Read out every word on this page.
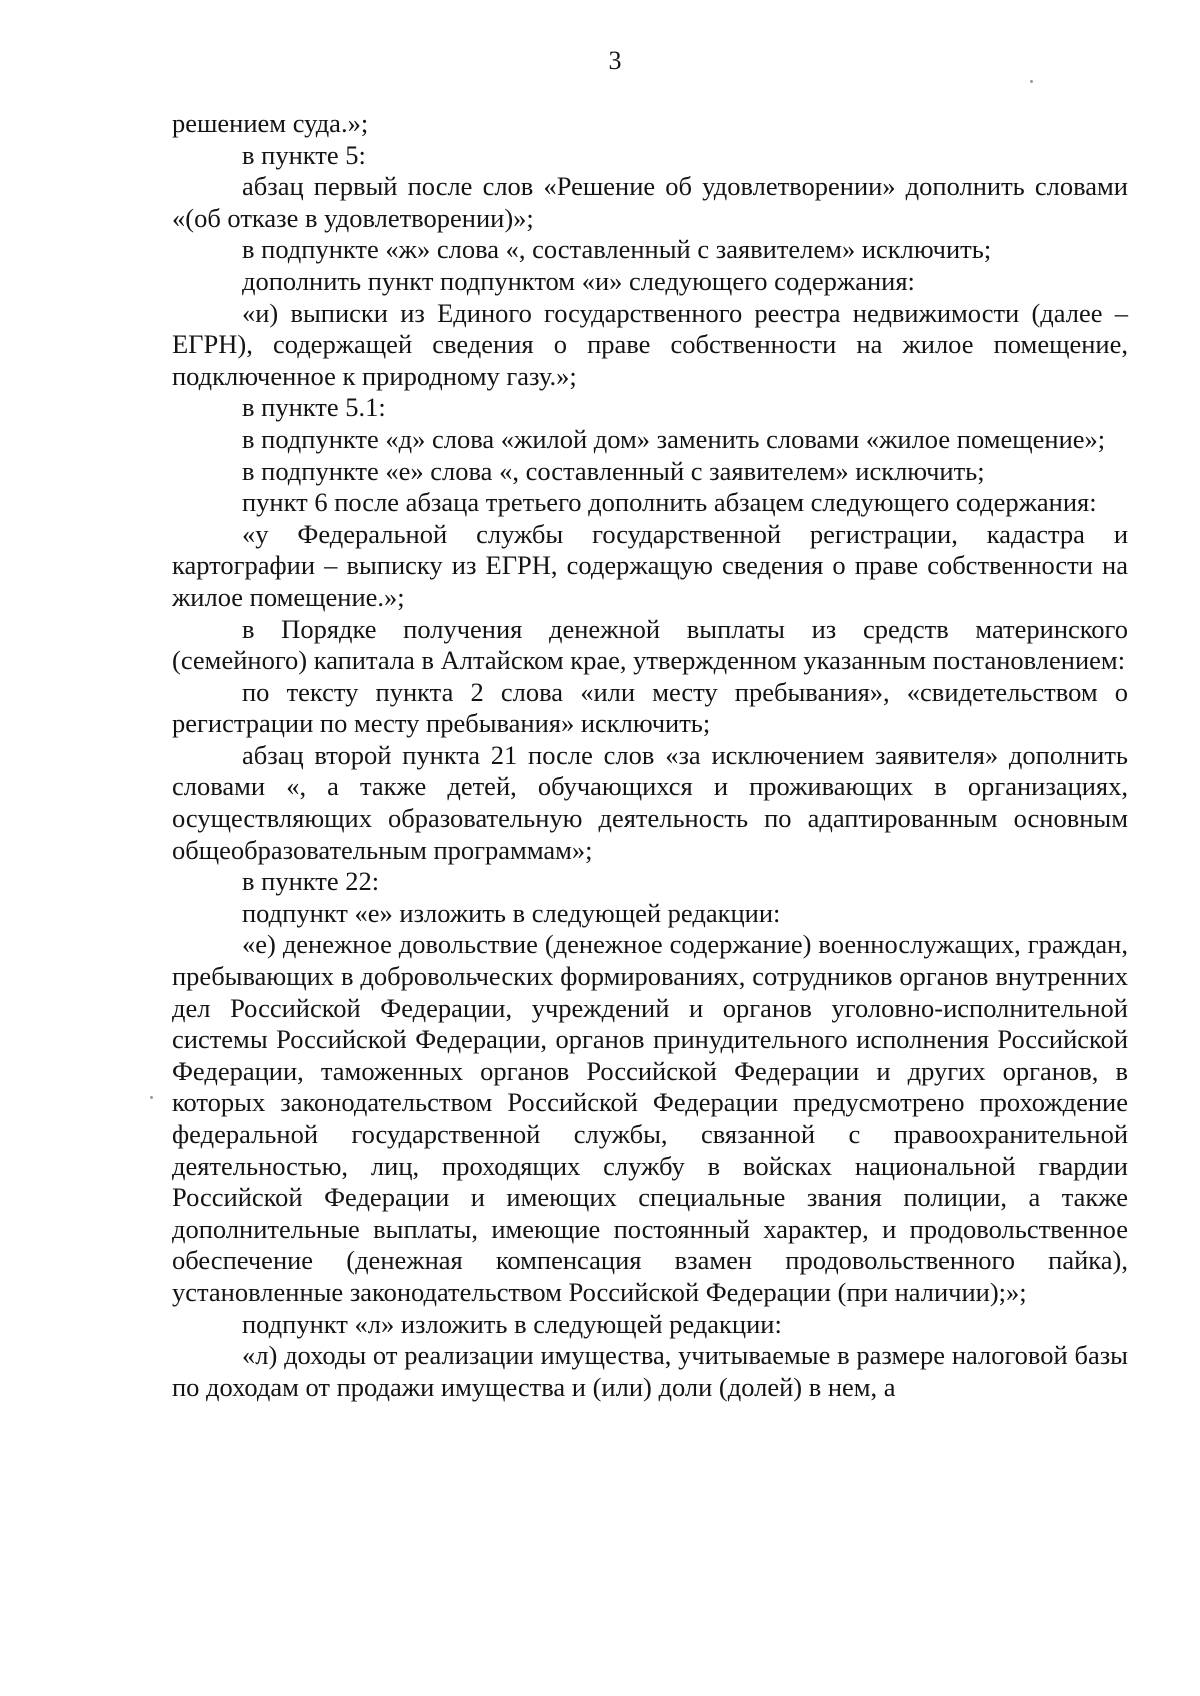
3

решением суда.»;

в пункте 5:

абзац первый после слов «Решение об удовлетворении» дополнить словами «(об отказе в удовлетворении)»;

в подпункте «ж» слова «, составленный с заявителем» исключить;

дополнить пункт подпунктом «и» следующего содержания:

«и) выписки из Единого государственного реестра недвижимости (далее – ЕГРН), содержащей сведения о праве собственности на жилое помещение, подключенное к природному газу.»;

в пункте 5.1:

в подпункте «д» слова «жилой дом» заменить словами «жилое помещение»;

в подпункте «е» слова «, составленный с заявителем» исключить;

пункт 6 после абзаца третьего дополнить абзацем следующего содержания:

«у Федеральной службы государственной регистрации, кадастра и картографии – выписку из ЕГРН, содержащую сведения о праве собственности на жилое помещение.»;

в Порядке получения денежной выплаты из средств материнского (семейного) капитала в Алтайском крае, утвержденном указанным постановлением:

по тексту пункта 2 слова «или месту пребывания», «свидетельством о регистрации по месту пребывания» исключить;

абзац второй пункта 21 после слов «за исключением заявителя» дополнить словами «, а также детей, обучающихся и проживающих в организациях, осуществляющих образовательную деятельность по адаптированным основным общеобразовательным программам»;

в пункте 22:

подпункт «е» изложить в следующей редакции:

«е) денежное довольствие (денежное содержание) военнослужащих, граждан, пребывающих в добровольческих формированиях, сотрудников органов внутренних дел Российской Федерации, учреждений и органов уголовно-исполнительной системы Российской Федерации, органов принудительного исполнения Российской Федерации, таможенных органов Российской Федерации и других органов, в которых законодательством Российской Федерации предусмотрено прохождение федеральной государственной службы, связанной с правоохранительной деятельностью, лиц, проходящих службу в войсках национальной гвардии Российской Федерации и имеющих специальные звания полиции, а также дополнительные выплаты, имеющие постоянный характер, и продовольственное обеспечение (денежная компенсация взамен продовольственного пайка), установленные законодательством Российской Федерации (при наличии);»;

подпункт «л» изложить в следующей редакции:

«л) доходы от реализации имущества, учитываемые в размере налоговой базы по доходам от продажи имущества и (или) доли (долей) в нем, а
